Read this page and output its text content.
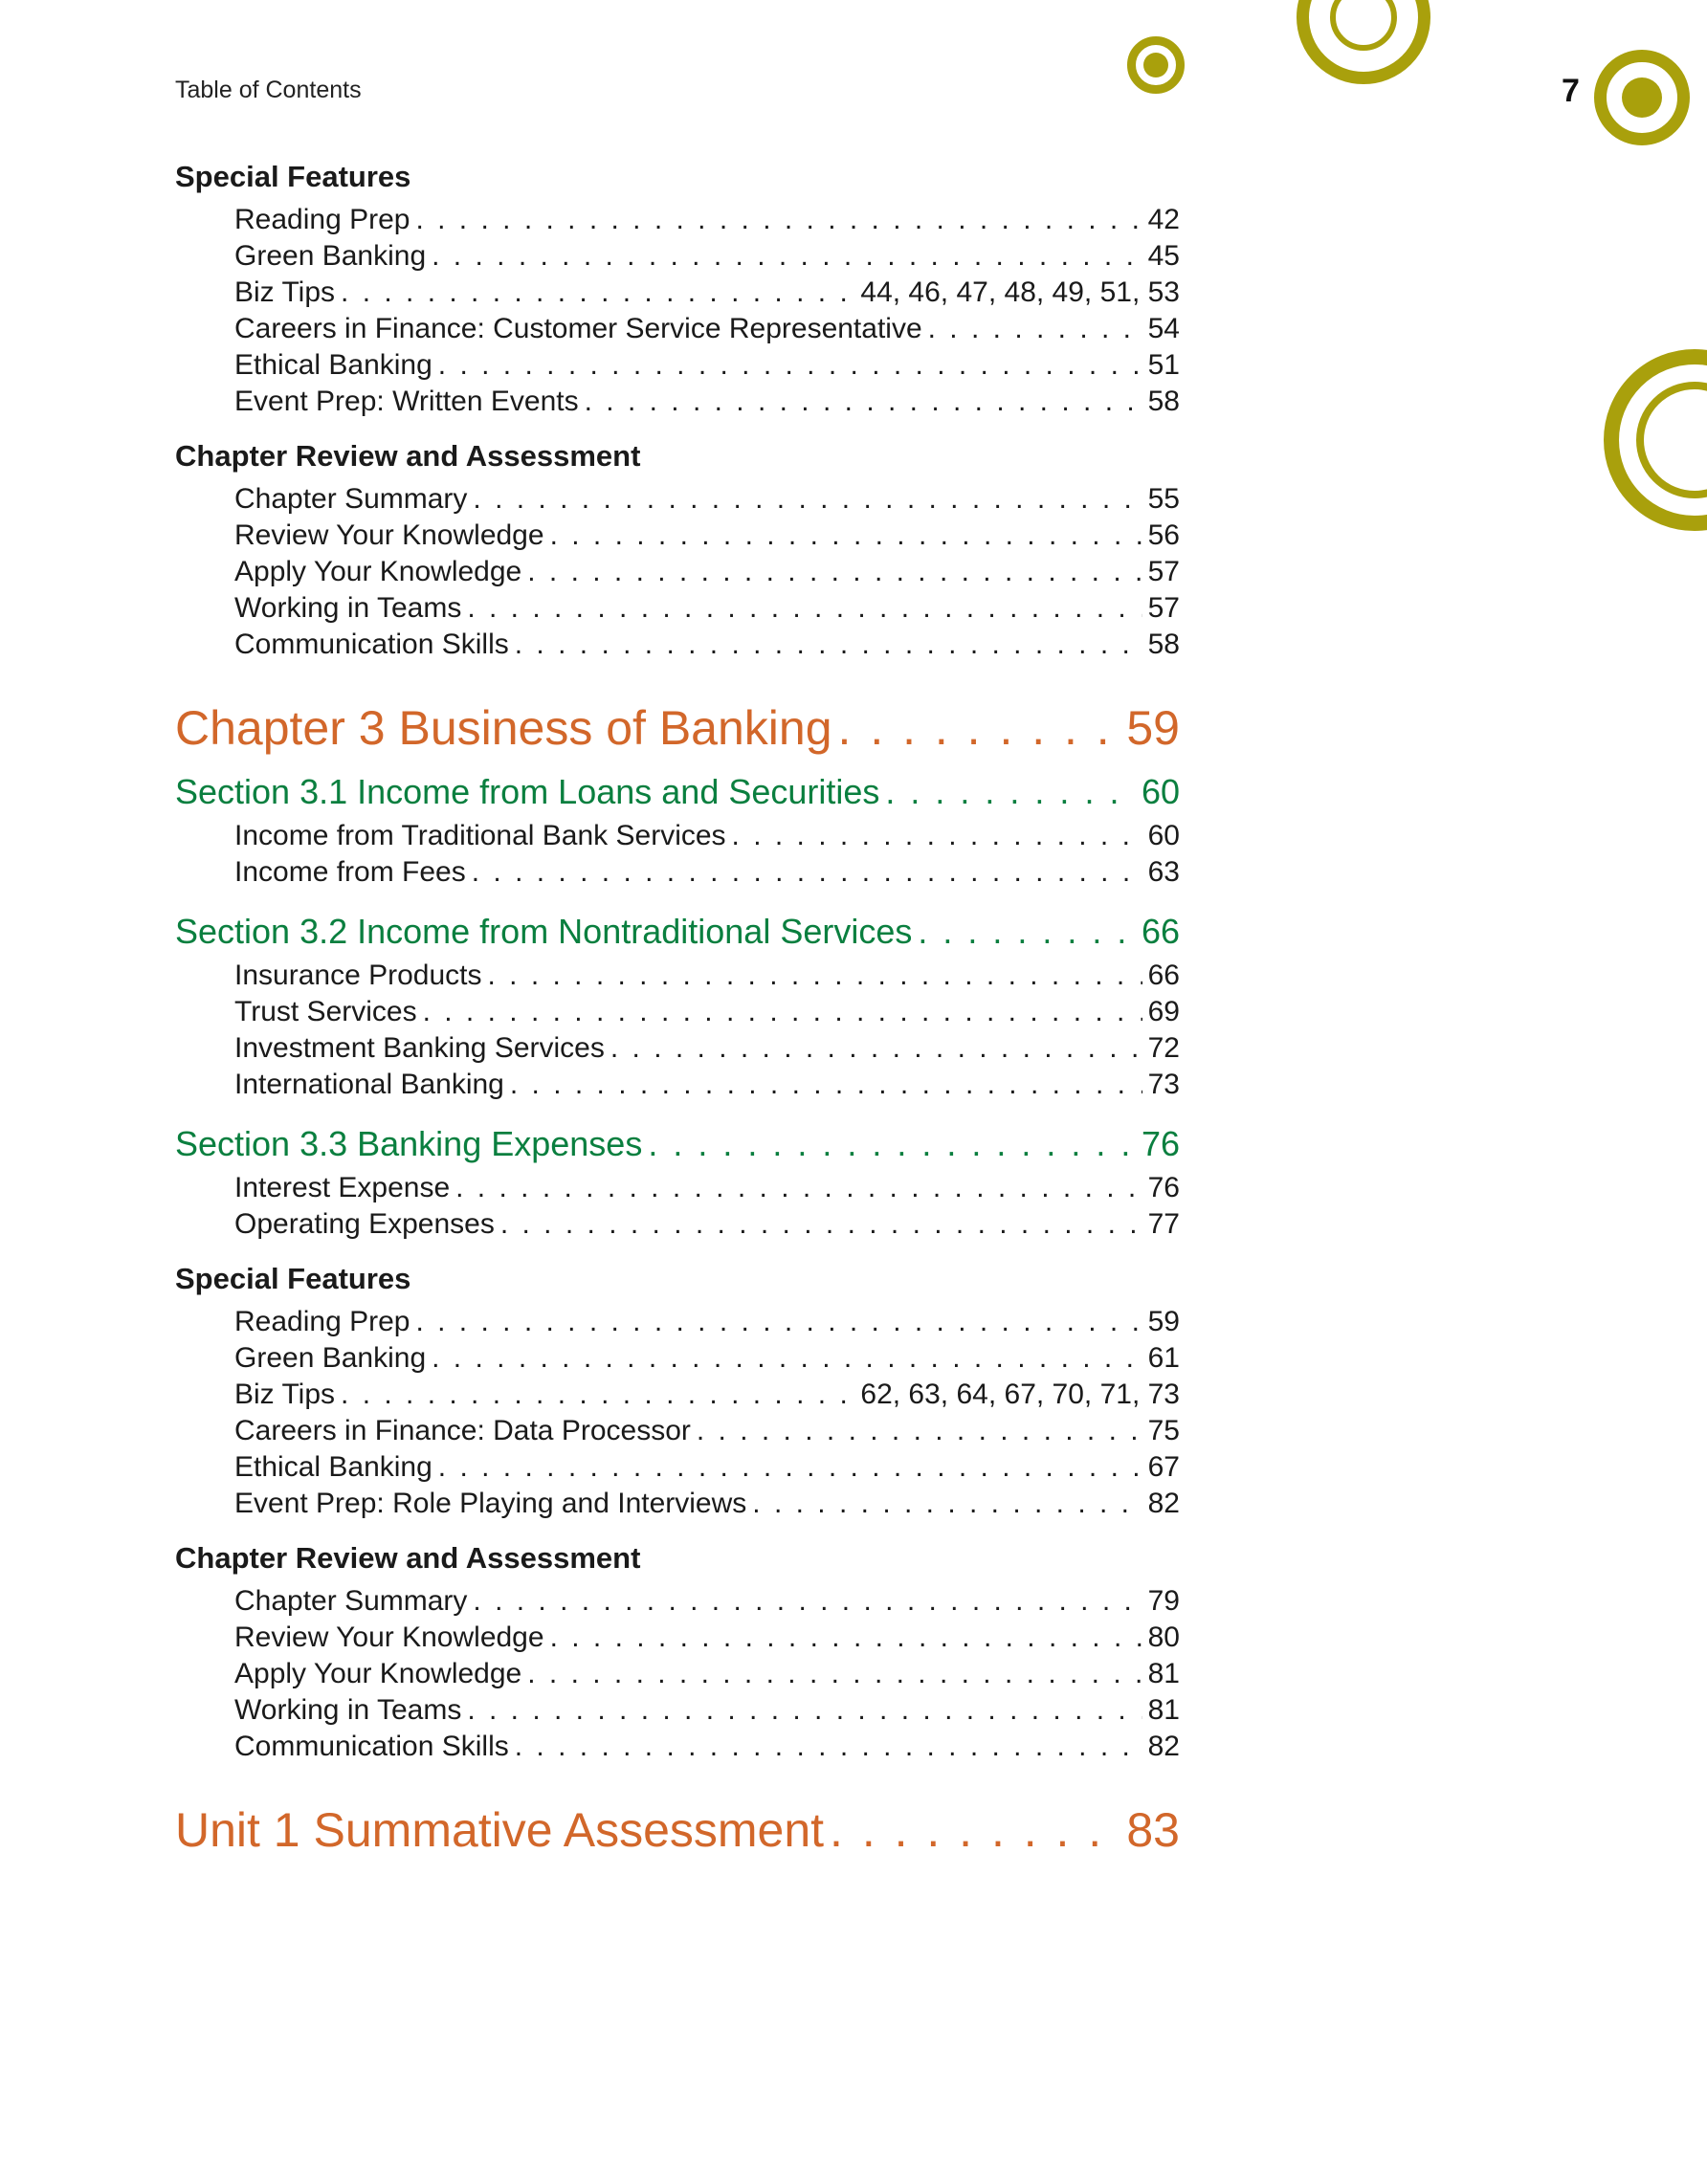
Table of Contents	7
Special Features
Reading Prep . . .	42
Green Banking . . .	45
Biz Tips . . .	44, 46, 47, 48, 49, 51, 53
Careers in Finance: Customer Service Representative . . .	54
Ethical Banking . . .	51
Event Prep: Written Events . . .	58
Chapter Review and Assessment
Chapter Summary . . .	55
Review Your Knowledge . . .	56
Apply Your Knowledge . . .	57
Working in Teams . . .	57
Communication Skills . . .	58
Chapter 3 Business of Banking . . .	59
Section 3.1 Income from Loans and Securities . . .	60
Income from Traditional Bank Services . . .	60
Income from Fees . . .	63
Section 3.2 Income from Nontraditional Services . . .	66
Insurance Products . . .	66
Trust Services . . .	69
Investment Banking Services . . .	72
International Banking . . .	73
Section 3.3 Banking Expenses . . .	76
Interest Expense . . .	76
Operating Expenses . . .	77
Special Features
Reading Prep . . .	59
Green Banking . . .	61
Biz Tips . . .	62, 63, 64, 67, 70, 71, 73
Careers in Finance: Data Processor . . .	75
Ethical Banking . . .	67
Event Prep: Role Playing and Interviews . . .	82
Chapter Review and Assessment
Chapter Summary . . .	79
Review Your Knowledge . . .	80
Apply Your Knowledge . . .	81
Working in Teams . . .	81
Communication Skills . . .	82
Unit 1 Summative Assessment . . .	83
